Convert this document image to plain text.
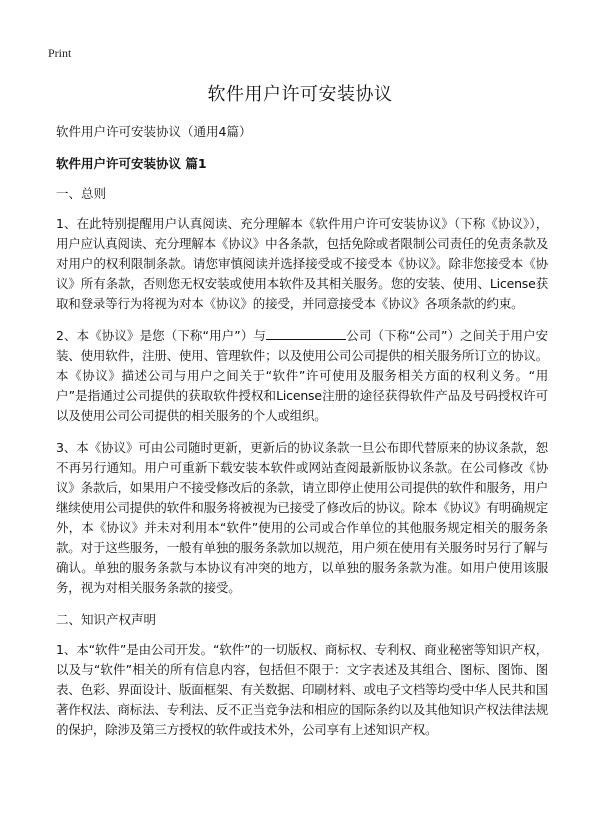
Print
软件用户许可安装协议

软件用户许可安装协议（通用4篇）

软件用户许可安装协议 篇1

一、总则

1、在此特别提醒用户认真阅读、充分理解本《软件用户许可安装协议》（下称《协议》），用户应认真阅读、充分理解本《协议》中各条款，包括免除或者限制公司责任的免责条款及对用户的权利限制条款。请您审慎阅读并选择接受或不接受本《协议》。除非您接受本《协议》所有条款，否则您无权安装或使用本软件及其相关服务。您的安装、使用、License获取和登录等行为将视为对本《协议》的接受，并同意接受本《协议》各项条款的约束。

2、本《协议》是您（下称“用户”）与	公司（下称“公司”）之间关于用户安装、使用软件，注册、使用、管理软件；以及使用公司公司提供的相关服务所订立的协议。本《协议》描述公司与用户之间关于“软件”许可使用及服务相关方面的权利义务。“用户”是指通过公司提供的获取软件授权和License注册的途径获得软件产品及号码授权许可以及使用公司公司提供的相关服务的个人或组织。

3、本《协议》可由公司随时更新，更新后的协议条款一旦公布即代替原来的协议条款，恕不再另行通知。用户可重新下载安装本软件或网站查阅最新版协议条款。在公司修改《协议》条款后，如果用户不接受修改后的条款，请立即停止使用公司提供的软件和服务，用户继续使用公司提供的软件和服务将被视为已接受了修改后的协议。除本《协议》有明确规定外，本《协议》并未对利用本“软件”使用的公司或合作单位的其他服务规定相关的服务条款。对于这些服务，一般有单独的服务条款加以规范，用户须在使用有关服务时另行了解与确认。单独的服务条款与本协议有冲突的地方，以单独的服务条款为准。如用户使用该服务，视为对相关服务条款的接受。

二、知识产权声明

1、本“软件”是由公司开发。“软件”的一切版权、商标权、专利权、商业秘密等知识产权，以及与“软件”相关的所有信息内容，包括但不限于：文字表述及其组合、图标、图饰、图表、色彩、界面设计、版面框架、有关数据、印刷材料、或电子文档等均受中华人民共和国著作权法、商标法、专利法、反不正当竞争法和相应的国际条约以及其他知识产权法律法规的保护，除涉及第三方授权的软件或技术外，公司享有上述知识产权。
